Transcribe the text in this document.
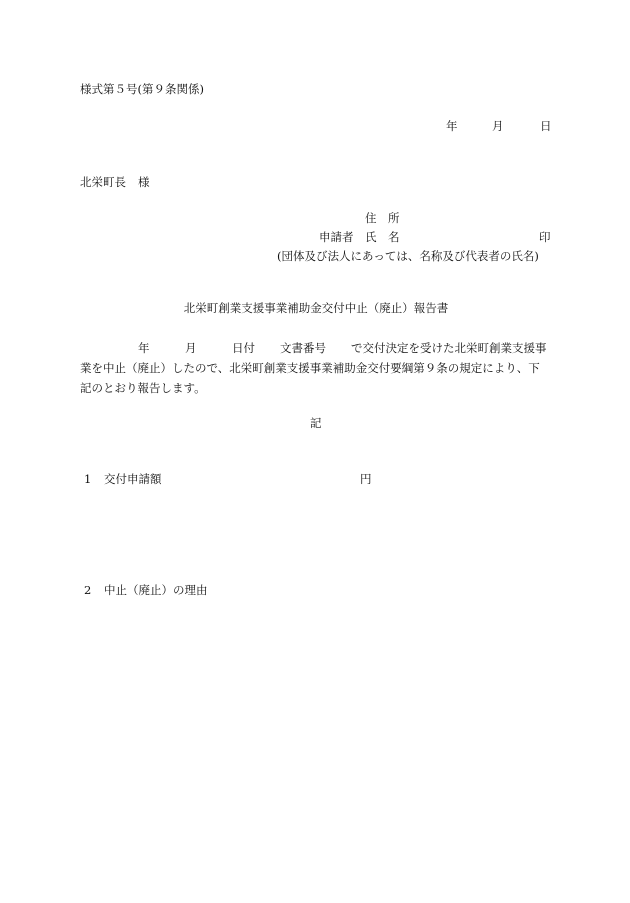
様式第５号(第９条関係)
年	月	日
北栄町長 様
住　所
申請者 氏　名	印
(団体及び法人にあっては、名称及び代表者の氏名)
北栄町創業支援事業補助金交付中止（廃止）報告書
年	月	日付 文書番号 で交付決定を受けた北栄町創業支援事
業を中止（廃止）したので、北栄町創業支援事業補助金交付要綱第９条の規定により、下
記のとおり報告します。
記
1 交付申請額	円
2 中止（廃止）の理由
